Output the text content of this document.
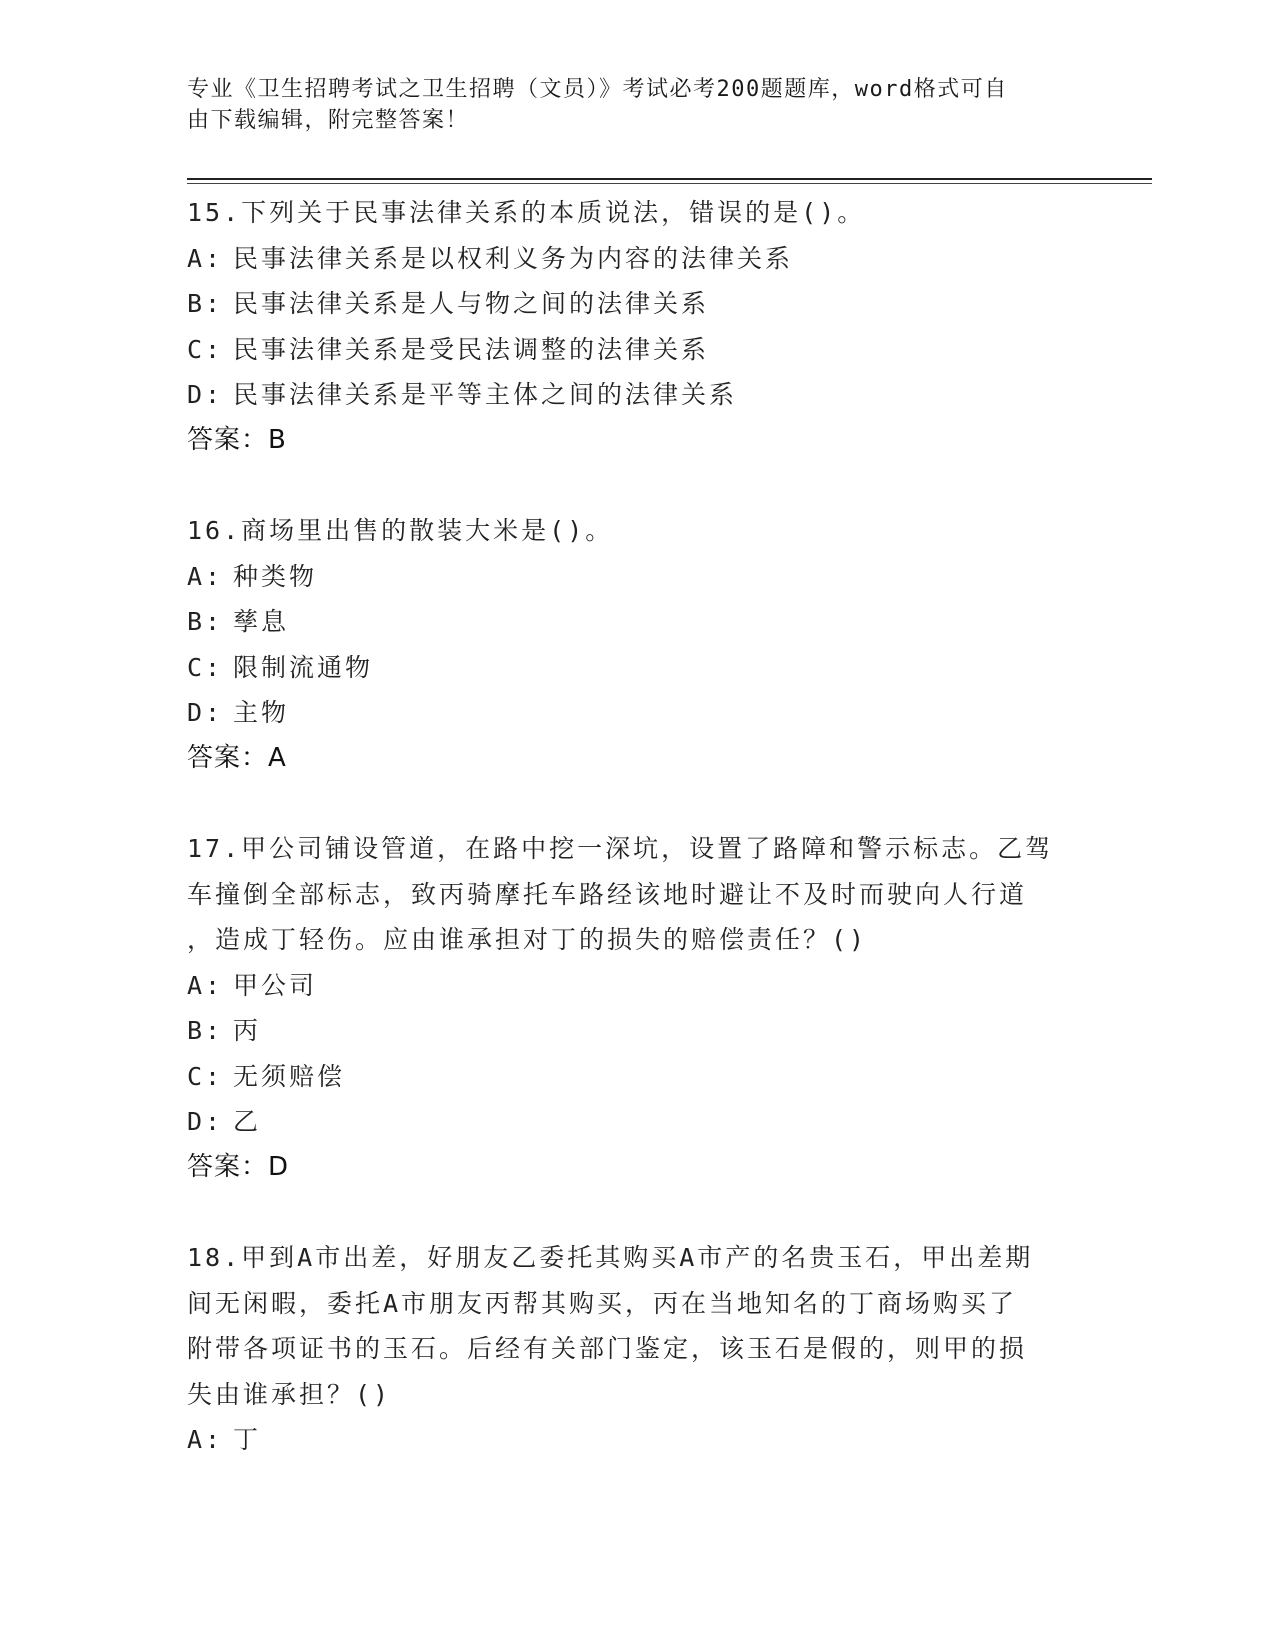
专业《卫生招聘考试之卫生招聘（文员）》考试必考200题题库，word格式可自
由下载编辑，附完整答案！
15.下列关于民事法律关系的本质说法，错误的是()。
A: 民事法律关系是以权利义务为内容的法律关系
B: 民事法律关系是人与物之间的法律关系
C: 民事法律关系是受民法调整的法律关系
D: 民事法律关系是平等主体之间的法律关系
答案：B
16.商场里出售的散装大米是()。
A: 种类物
B: 孳息
C: 限制流通物
D: 主物
答案：A
17.甲公司铺设管道，在路中挖一深坑，设置了路障和警示标志。乙驾
车撞倒全部标志，致丙骑摩托车路经该地时避让不及时而驶向人行道
，造成丁轻伤。应由谁承担对丁的损失的赔偿责任？()
A: 甲公司
B: 丙
C: 无须赔偿
D: 乙
答案：D
18.甲到A市出差，好朋友乙委托其购买A市产的名贵玉石，甲出差期
间无闲暇，委托A市朋友丙帮其购买，丙在当地知名的丁商场购买了
附带各项证书的玉石。后经有关部门鉴定，该玉石是假的，则甲的损
失由谁承担？()
A: 丁
